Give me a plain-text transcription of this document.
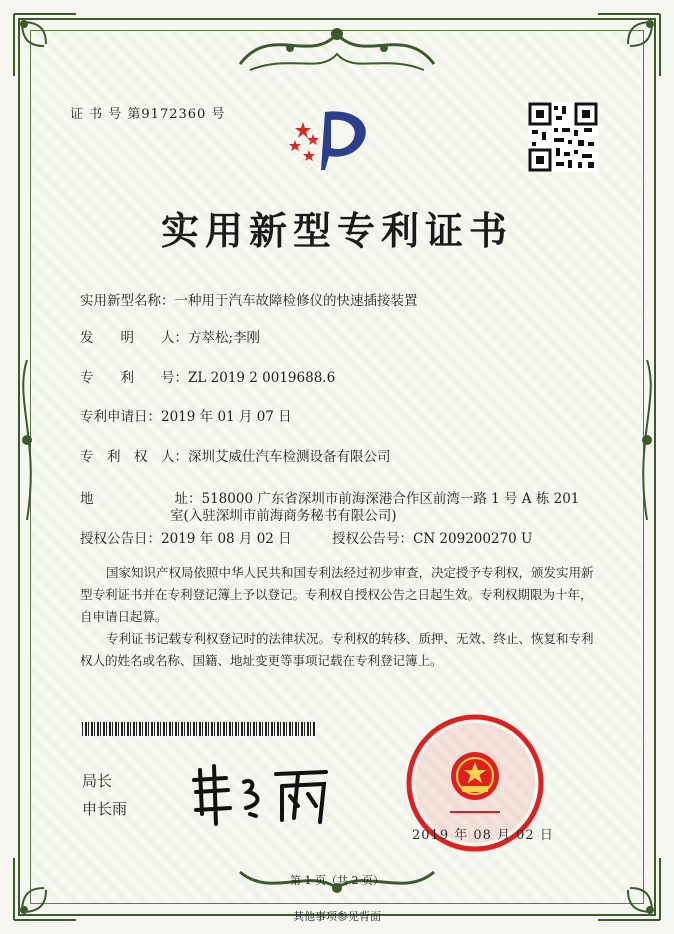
证 书 号 第9172360 号
实用新型专利证书
实用新型名称：一种用于汽车故障检修仪的快速插接装置
发　　明　　人：方萃松;李刚
专　　利　　号：ZL 2019 2 0019688.6
专利申请日：2019 年 01 月 07 日
专　利　权　人：深圳艾威仕汽车检测设备有限公司
地　　　　　　址：518000 广东省深圳市前海深港合作区前湾一路 1 号 A 栋 201
室(入驻深圳市前海商务秘书有限公司)
授权公告日：2019 年 08 月 02 日	授权公告号：CN 209200270 U

国家知识产权局依照中华人民共和国专利法经过初步审查，决定授予专利权，颁发实用新型专利证书并在专利登记簿上予以登记。专利权自授权公告之日起生效。专利权期限为十年，自申请日起算。

专利证书记载专利权登记时的法律状况。专利权的转移、质押、无效、终止、恢复和专利权人的姓名或名称、国籍、地址变更等事项记载在专利登记簿上。

局长
申长雨
2019 年 08 月 02 日
第 1 页（共 2 页）
其他事项参见背面
